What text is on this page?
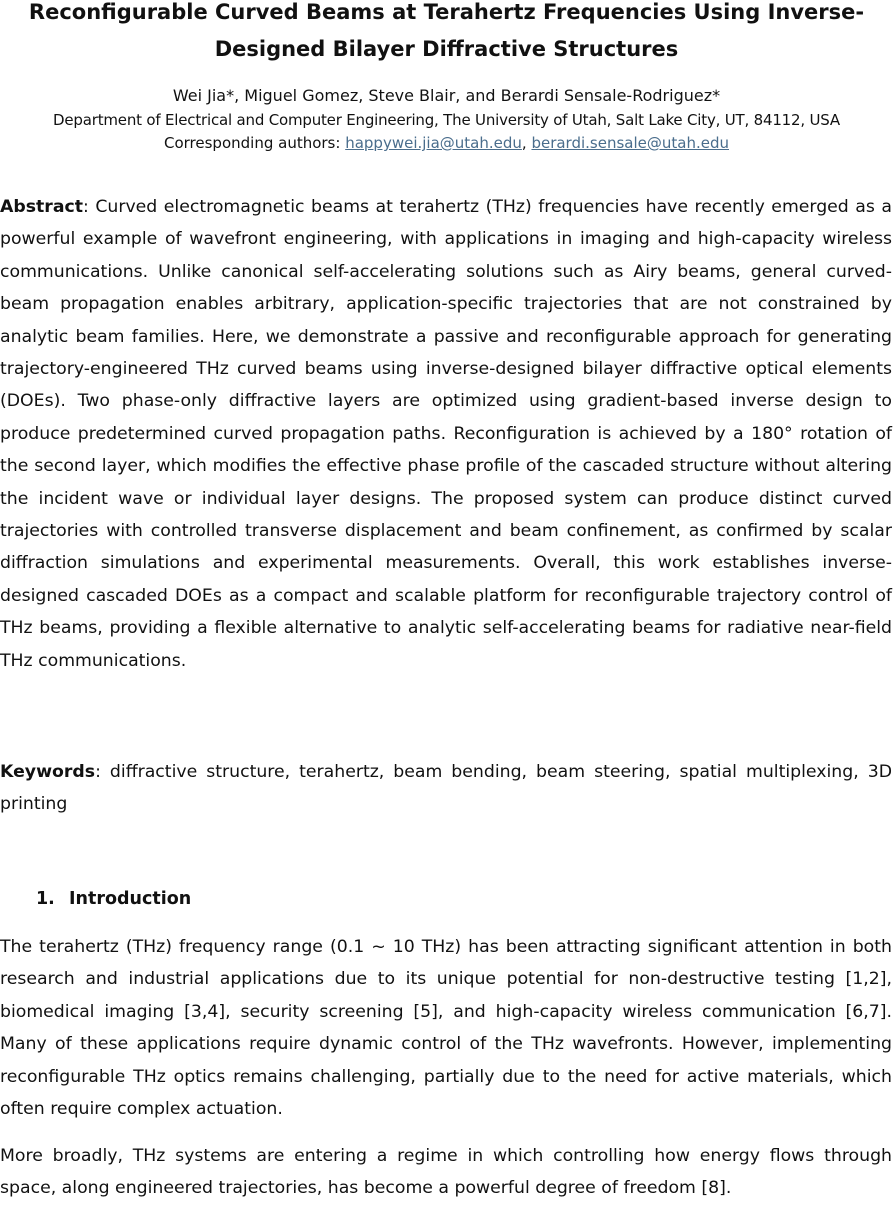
Reconfigurable Curved Beams at Terahertz Frequencies Using Inverse-Designed Bilayer Diffractive Structures
Wei Jia*, Miguel Gomez, Steve Blair, and Berardi Sensale-Rodriguez*
Department of Electrical and Computer Engineering, The University of Utah, Salt Lake City, UT, 84112, USA
Corresponding authors: happywei.jia@utah.edu, berardi.sensale@utah.edu

Abstract: Curved electromagnetic beams at terahertz (THz) frequencies have recently emerged as a powerful example of wavefront engineering, with applications in imaging and high-capacity wireless communications. Unlike canonical self-accelerating solutions such as Airy beams, general curved-beam propagation enables arbitrary, application-specific trajectories that are not constrained by analytic beam families. Here, we demonstrate a passive and reconfigurable approach for generating trajectory-engineered THz curved beams using inverse-designed bilayer diffractive optical elements (DOEs). Two phase-only diffractive layers are optimized using gradient-based inverse design to produce predetermined curved propagation paths. Reconfiguration is achieved by a 180° rotation of the second layer, which modifies the effective phase profile of the cascaded structure without altering the incident wave or individual layer designs. The proposed system can produce distinct curved trajectories with controlled transverse displacement and beam confinement, as confirmed by scalar diffraction simulations and experimental measurements. Overall, this work establishes inverse-designed cascaded DOEs as a compact and scalable platform for reconfigurable trajectory control of THz beams, providing a flexible alternative to analytic self-accelerating beams for radiative near-field THz communications.

Keywords: diffractive structure, terahertz, beam bending, beam steering, spatial multiplexing, 3D printing

1. Introduction

The terahertz (THz) frequency range (0.1 ~ 10 THz) has been attracting significant attention in both research and industrial applications due to its unique potential for non-destructive testing [1,2], biomedical imaging [3,4], security screening [5], and high-capacity wireless communication [6,7]. Many of these applications require dynamic control of the THz wavefronts. However, implementing reconfigurable THz optics remains challenging, partially due to the need for active materials, which often require complex actuation.

More broadly, THz systems are entering a regime in which controlling how energy flows through space, along engineered trajectories, has become a powerful degree of freedom [8].
